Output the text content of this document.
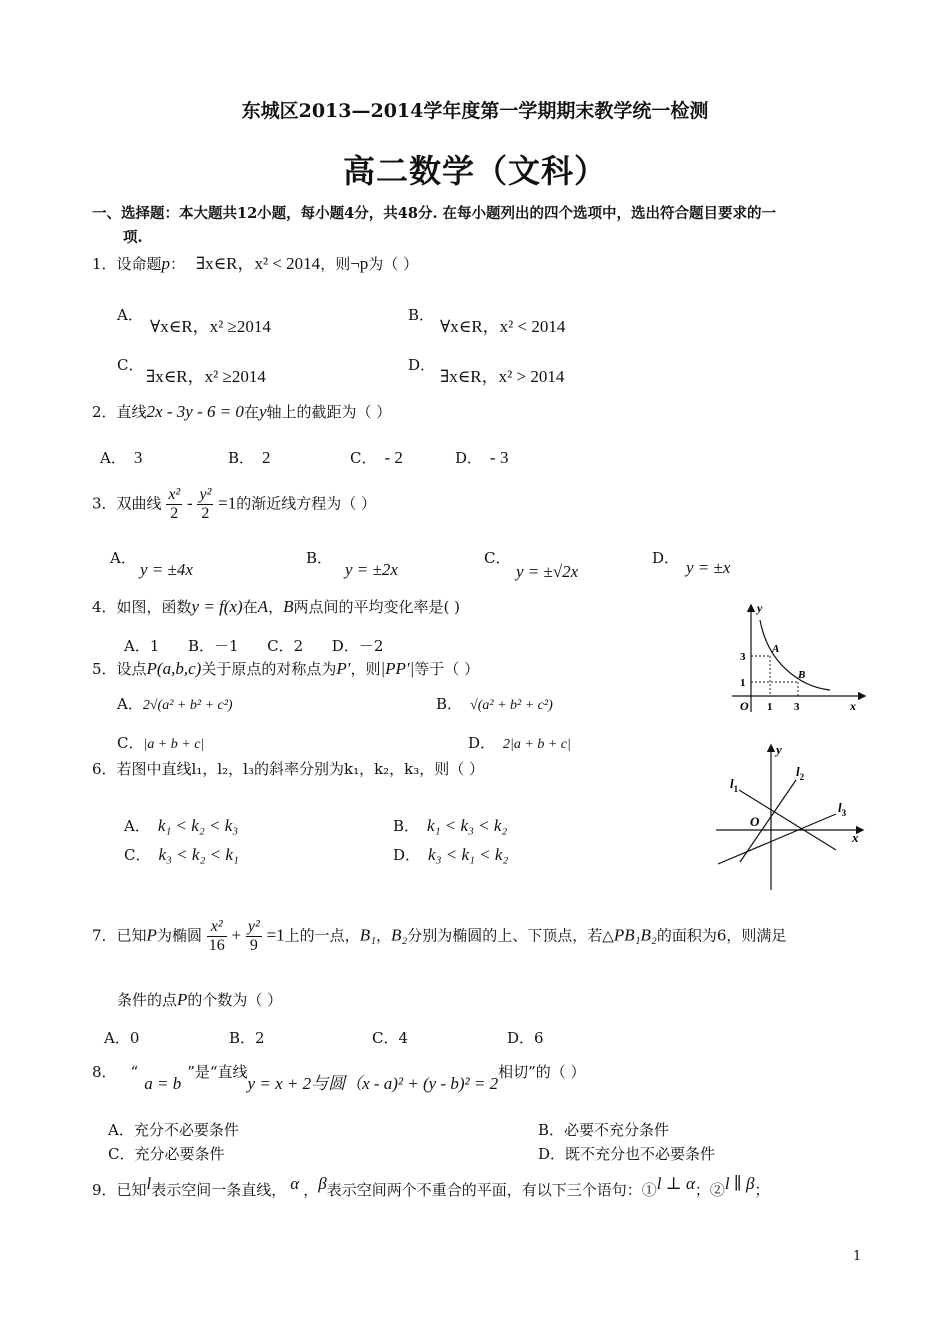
东城区2013—2014学年度第一学期期末教学统一检测
高二数学（文科）
一、选择题：本大题共12小题，每小题4分，共48分. 在每小题列出的四个选项中，选出符合题目要求的一
项.
1．设命题p： ∃x∈R，x² < 2014，则¬p为（ ）
A．
∀x∈R，x² ≥2014
B．
∀x∈R，x² < 2014
C．
∃x∈R，x² ≥2014
D．
∃x∈R，x² > 2014
2．直线2x - 3y - 6 = 0在y轴上的截距为（ ）
A． 3	B． 2	C． - 2	D． - 3
3．双曲线 $\frac{\text{x²}}{2} - \frac{\text{y²}}{2} =1$的渐近线方程为（ ）
A．
y = ±4x
B．
y = ±2x
C．
y = ±√2x
D． y = ±x
4．如图，函数y = f(x)在A，B两点间的平均变化率是( )
A．1      B．－1      C．2      D．－2
5．设点P(a,b,c)关于原点的对称点为P′，则|PP′|等于（ ）
A．2√(a² + b² + c²)	B． √(a² + b² + c²)
C．|a + b + c|	D． 2|a + b + c|
6．若图中直线l₁，l₂，l₃的斜率分别为k₁，k₂，k₃，则（ ）
A． k₁ < k₂ < k₃	B． k₁ < k₃ < k₂
C． k₃ < k₂ < k₁	D． k₃ < k₁ < k₂
7．已知P为椭圆 $\frac{\text{x²}}{16} + \frac{\text{y²}}{9} =1$上的一点，B₁，B₂分别为椭圆的上、下顶点，若△PB₁B₂的面积为6，则满足
条件的点P的个数为（ ）
A．0	B．2	C．4	D．6
8． “a = b”是“直线y = x + 2与圆（x - a)² + (y - b)² = 2相切”的（ ）
A．充分不必要条件	B．必要不充分条件
C．充分必要条件	D．既不充分也不必要条件
9．已知l表示空间一条直线， α ，β表示空间两个不重合的平面，有以下三个语句：①l ⊥ α；②l ∥ β；
y
x
O
3
1
1 3
A
B
y
x
O
$l_1$
$l_2$
$l_3$
1
